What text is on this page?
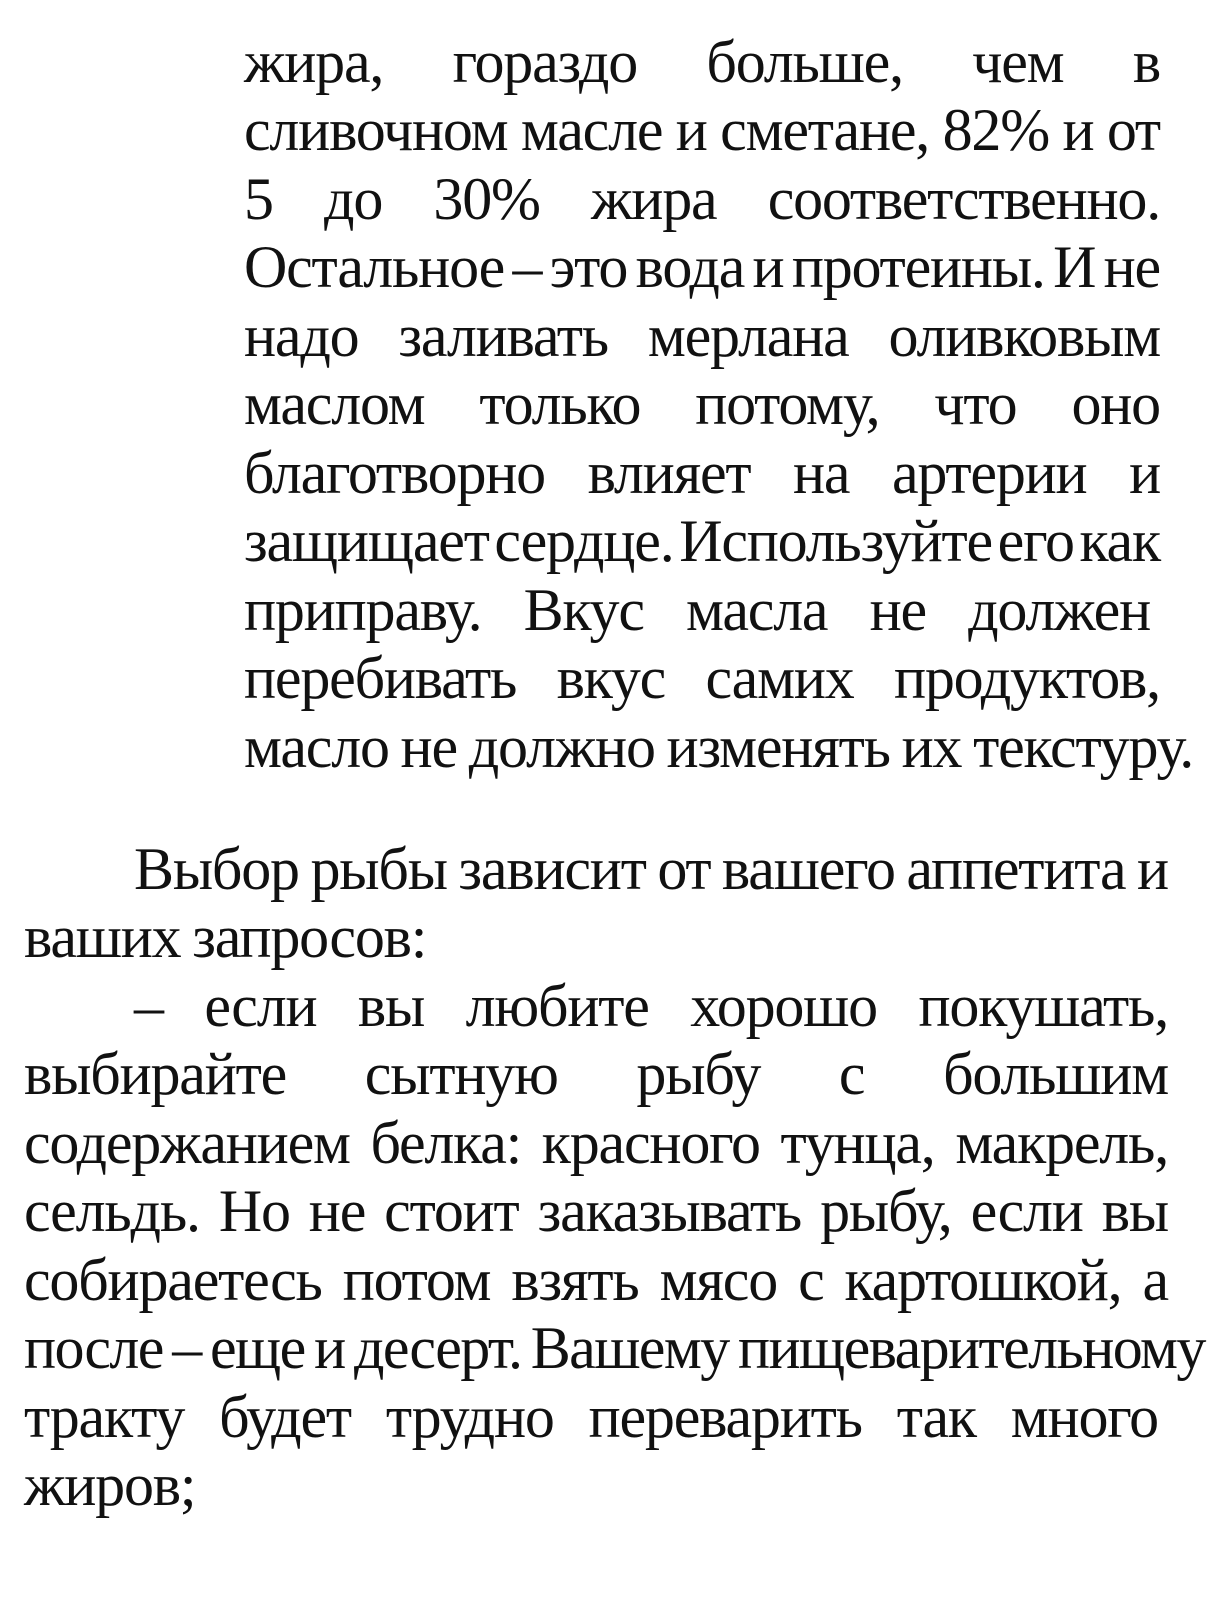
жира, гораздо больше, чем в
сливочном масле и сметане, 82% и от
5 до 30% жира соответственно.
Остальное – это вода и протеины. И не
надо заливать мерлана оливковым
маслом только потому, что оно
благотворно влияет на артерии и
защищает сердце. Используйте его как
приправу. Вкус масла не должен
перебивать вкус самих продуктов,
масло не должно изменять их текстуру.
Выбор рыбы зависит от вашего аппетита и
ваших запросов:
– если вы любите хорошо покушать,
выбирайте сытную рыбу с большим
содержанием белка: красного тунца, макрель,
сельдь. Но не стоит заказывать рыбу, если вы
собираетесь потом взять мясо с картошкой, а
после – еще и десерт. Вашему пищеварительному
тракту будет трудно переварить так много
жиров;
